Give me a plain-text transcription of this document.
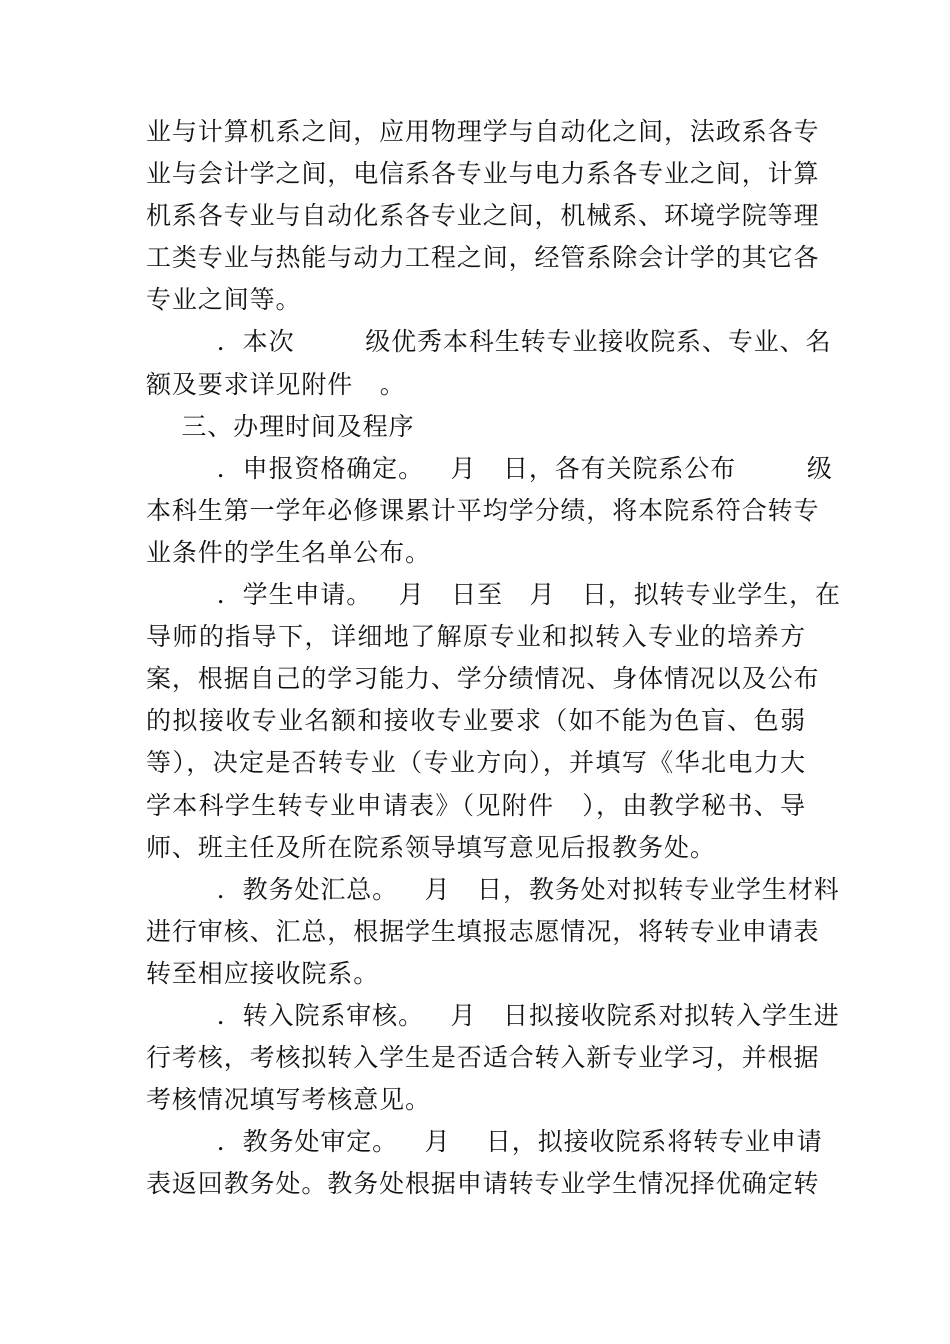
业与计算机系之间，应用物理学与自动化之间，法政系各专
业与会计学之间，电信系各专业与电力系各专业之间，计算
机系各专业与自动化系各专业之间，机械系、环境学院等理
工类专业与热能与动力工程之间，经管系除会计学的其它各
专业之间等。
．本次        级优秀本科生转专业接收院系、专业、名
额及要求详见附件   。
三、办理时间及程序
．申报资格确定。   月   日，各有关院系公布        级
本科生第一学年必修课累计平均学分绩，将本院系符合转专
业条件的学生名单公布。
．学生申请。   月   日至   月   日，拟转专业学生，在
导师的指导下，详细地了解原专业和拟转入专业的培养方
案，根据自己的学习能力、学分绩情况、身体情况以及公布
的拟接收专业名额和接收专业要求（如不能为色盲、色弱
等），决定是否转专业（专业方向），并填写《华北电力大
学本科学生转专业申请表》（见附件   ），由教学秘书、导
师、班主任及所在院系领导填写意见后报教务处。
．教务处汇总。   月   日，教务处对拟转专业学生材料
进行审核、汇总，根据学生填报志愿情况，将转专业申请表
转至相应接收院系。
．转入院系审核。   月   日拟接收院系对拟转入学生进
行考核，考核拟转入学生是否适合转入新专业学习，并根据
考核情况填写考核意见。
．教务处审定。   月    日，拟接收院系将转专业申请
表返回教务处。教务处根据申请转专业学生情况择优确定转
